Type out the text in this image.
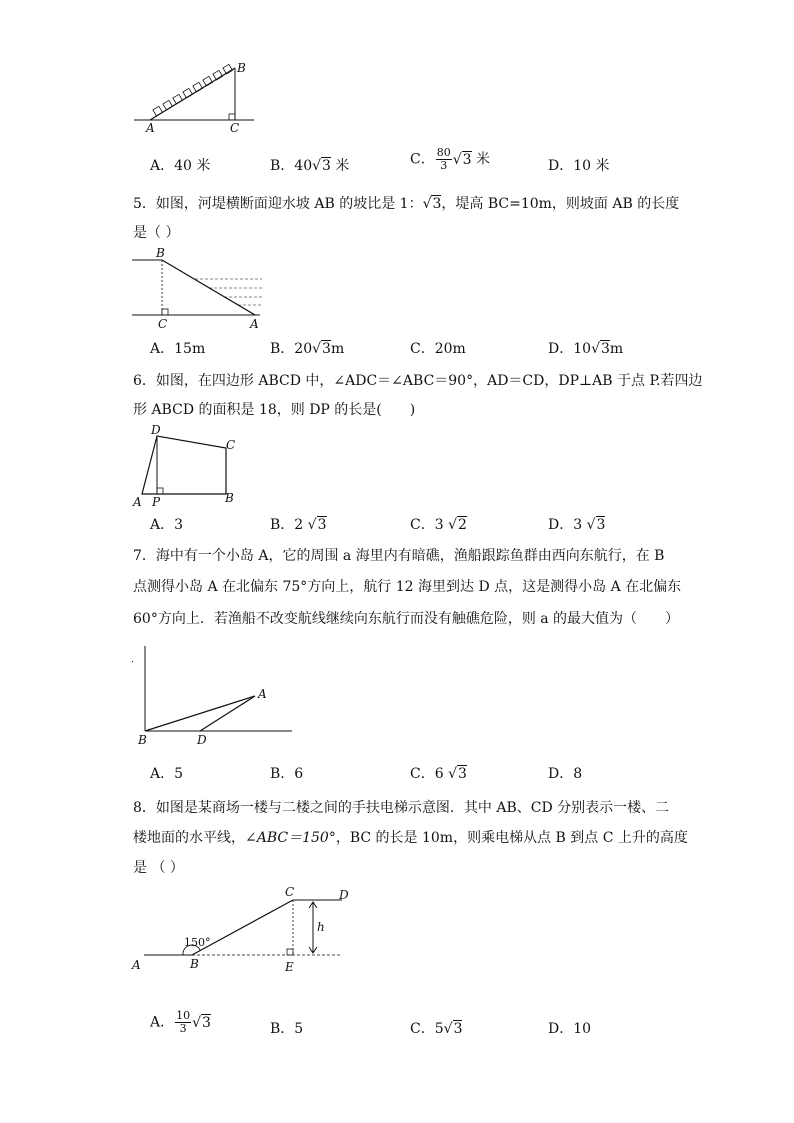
A
B
C
A．40 米	B．40√3 米	C． $\frac{80}{3} √3$ 米	D．10 米
5．如图，河堤横断面迎水坡 AB 的坡比是 1：√3，堤高 BC=10m，则坡面 AB 的长度
是（ ）
B
C	A
A．15m	B．20√3m	C．20m	D．10√3m
6．如图，在四边形 ABCD 中，∠ADC＝∠ABC＝90°，AD＝CD，DP⊥AB 于点 P.若四边
形 ABCD 的面积是 18，则 DP 的长是(　　)
D
C
A P	B
A．3	B．2 √3	C．3 √2	D．3 √3
7．海中有一个小岛 A，它的周围 a 海里内有暗礁，渔船跟踪鱼群由西向东航行，在 B
点测得小岛 A 在北偏东 75°方向上，航行 12 海里到达 D 点，这是测得小岛 A 在北偏东
60°方向上．若渔船不改变航线继续向东航行而没有触礁危险，则 a 的最大值为（　　）
A
B	D
A．5	B．6	C．6 √3	D．8
8．如图是某商场一楼与二楼之间的手扶电梯示意图．其中 AB、CD 分别表示一楼、二
楼地面的水平线，∠ABC＝150°，BC 的长是 10m，则乘电梯从点 B 到点 C 上升的高度
是 （ ）
150°
A	B
C	D
E
h
A． $\frac{10}{3} √3$	B．5	C．5√3	D．10
